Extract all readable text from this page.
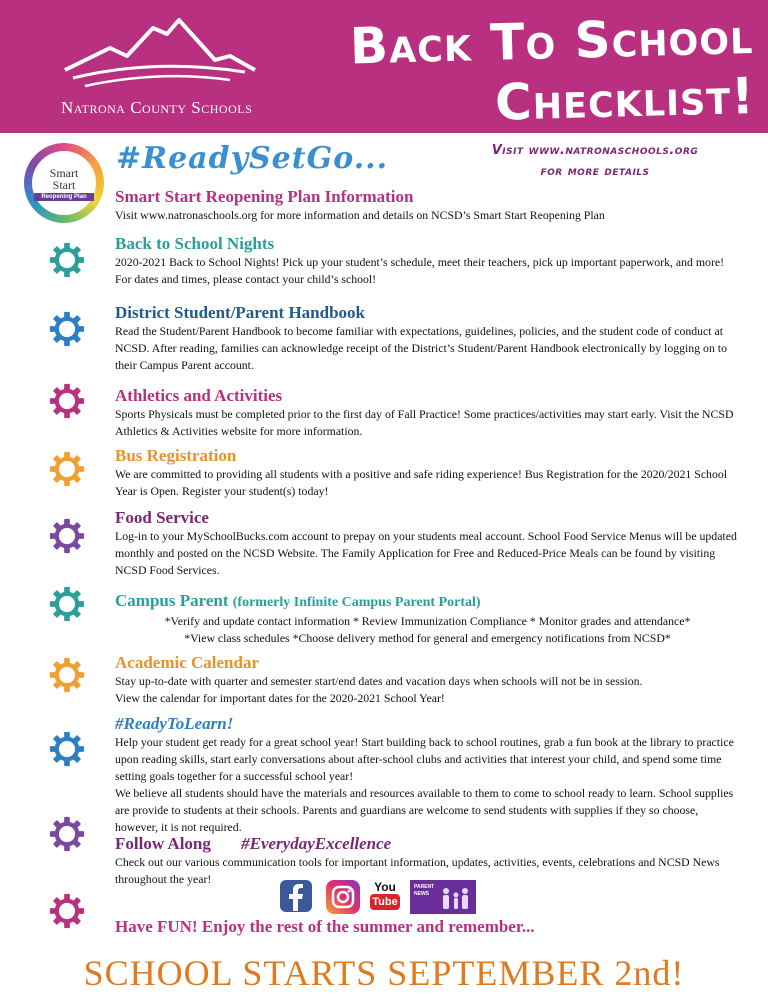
Natrona County Schools
Back To School
Checklist!
Smart
Start
Reopening Plan
#ReadySetGo...	Visit www.natronaschools.org
for more details
Smart Start Reopening Plan Information
Visit www.natronaschools.org for more information and details on NCSD’s Smart Start Reopening Plan
Back to School Nights
2020-2021 Back to School Nights! Pick up your student’s schedule, meet their teachers, pick up important paperwork, and more! For dates and times, please contact your child’s school!
District Student/Parent Handbook
Read the Student/Parent Handbook to become familiar with expectations, guidelines, policies, and the student code of conduct at NCSD. After reading, families can acknowledge receipt of the District’s Student/Parent Handbook electronically by logging on to their Campus Parent account.
Athletics and Activities
Sports Physicals must be completed prior to the first day of Fall Practice! Some practices/activities may start early. Visit the NCSD Athletics & Activities website for more information.
Bus Registration
We are committed to providing all students with a positive and safe riding experience! Bus Registration for the 2020/2021 School Year is Open. Register your student(s) today!
Food Service
Log-in to your MySchoolBucks.com account to prepay on your students meal account. School Food Service Menus will be updated monthly and posted on the NCSD Website. The Family Application for Free and Reduced-Price Meals can be found by visiting NCSD Food Services.
Campus Parent (formerly Infinite Campus Parent Portal)
*Verify and update contact information * Review Immunization Compliance * Monitor grades and attendance*
*View class schedules *Choose delivery method for general and emergency notifications from NCSD*
Academic Calendar
Stay up-to-date with quarter and semester start/end dates and vacation days when schools will not be in session.
View the calendar for important dates for the 2020-2021 School Year!
#ReadyToLearn!
Help your student get ready for a great school year! Start building back to school routines, grab a fun book at the library to practice upon reading skills, start early conversations about after-school clubs and activities that interest your child, and spend some time setting goals together for a successful school year!
We believe all students should have the materials and resources available to them to come to school ready to learn. School supplies are provide to students at their schools. Parents and guardians are welcome to send students with supplies if they so choose, however, it is not required.
Follow Along #EverydayExcellence
Check out our various communication tools for important information, updates, activities, events, celebrations and NCSD News throughout the year!
You
Tube
PARENT NEWS
Have FUN! Enjoy the rest of the summer and remember...
SCHOOL STARTS SEPTEMBER 2nd!
